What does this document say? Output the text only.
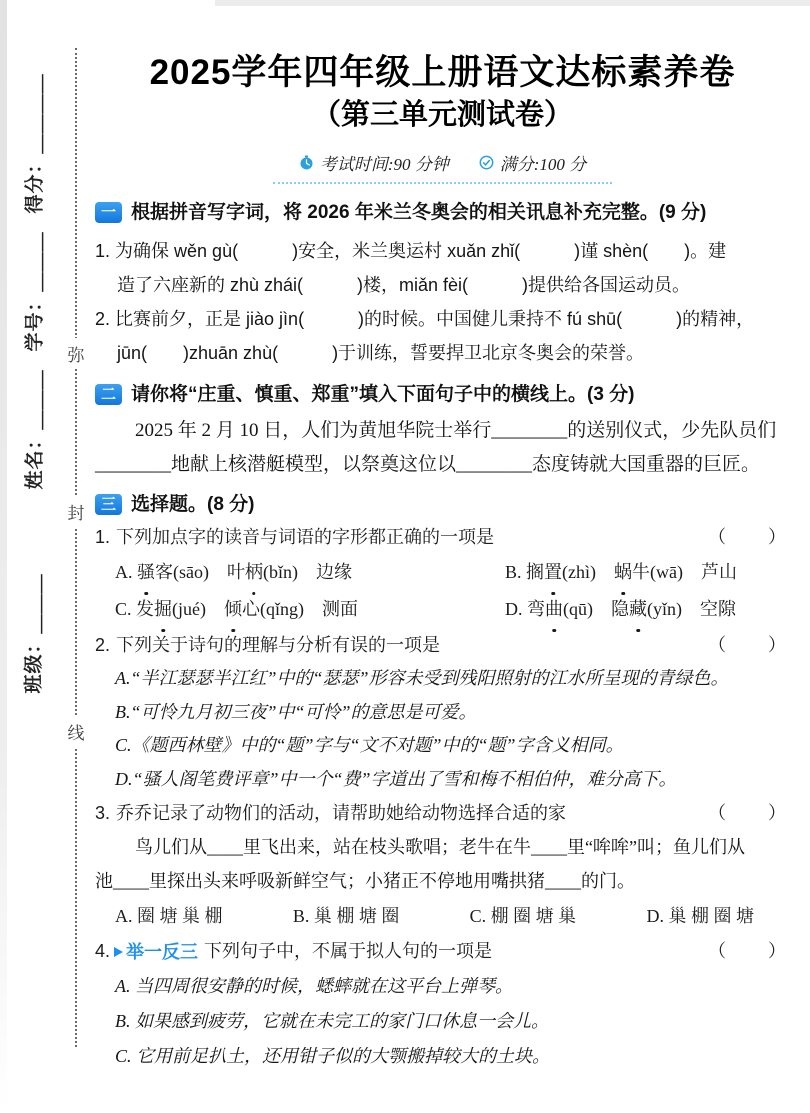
得分：＿＿＿＿
学号：＿＿＿
姓名：＿＿＿
班级：＿＿＿
弥
封
线
2025学年四年级上册语文达标素养卷
（第三单元测试卷）
考试时间:90 分钟	满分:100 分
一 根据拼音写字词，将 2026 年米兰冬奥会的相关讯息补充完整。(9 分)
1. 为确保 wěn gù(　　　)安全，米兰奥运村 xuǎn zhǐ(　　　)谨 shèn(　　)。建
造了六座新的 zhù zhái(　　　)楼，miǎn fèi(　　　)提供给各国运动员。
2. 比赛前夕，正是 jiào jìn(　　　)的时候。中国健儿秉持不 fú shū(　　　)的精神，
jūn(　　)zhuān zhù(　　　)于训练，誓要捍卫北京冬奥会的荣誉。
二 请你将“庄重、慎重、郑重”填入下面句子中的横线上。(3 分)
2025 年 2 月 10 日，人们为黄旭华院士举行________的送别仪式，少先队员们
________地献上核潜艇模型，以祭奠这位以________态度铸就大国重器的巨匠。
三 选择题。(8 分)
1. 下列加点字的读音与词语的字形都正确的一项是	（　　）
A. 骚客(sāo)　叶柄(bǐn)　边缘	B. 搁置(zhì)　蜗牛(wā)　芦山
C. 发掘(jué)　倾心(qǐng)　测面	D. 弯曲(qū)　隐藏(yǐn)　空隙
2. 下列关于诗句的理解与分析有误的一项是	（　　）
A.“半江瑟瑟半江红”中的“瑟瑟”形容未受到残阳照射的江水所呈现的青绿色。
B.“可怜九月初三夜”中“可怜”的意思是可爱。
C.《题西林壁》中的“题”字与“文不对题”中的“题”字含义相同。
D.“骚人阁笔费评章”中一个“费”字道出了雪和梅不相伯仲，难分高下。
3. 乔乔记录了动物们的活动，请帮助她给动物选择合适的家	（　　）
鸟儿们从____里飞出来，站在枝头歌唱；老牛在牛____里“哞哞”叫；鱼儿们从
池____里探出头来呼吸新鲜空气；小猪正不停地用嘴拱猪____的门。
A. 圈 塘 巢 棚	B. 巢 棚 塘 圈	C. 棚 圈 塘 巢	D. 巢 棚 圈 塘
4. 举一反三 下列句子中，不属于拟人句的一项是	（　　）
A. 当四周很安静的时候，蟋蟀就在这平台上弹琴。
B. 如果感到疲劳，它就在未完工的家门口休息一会儿。
C. 它用前足扒土，还用钳子似的大颚搬掉较大的土块。
